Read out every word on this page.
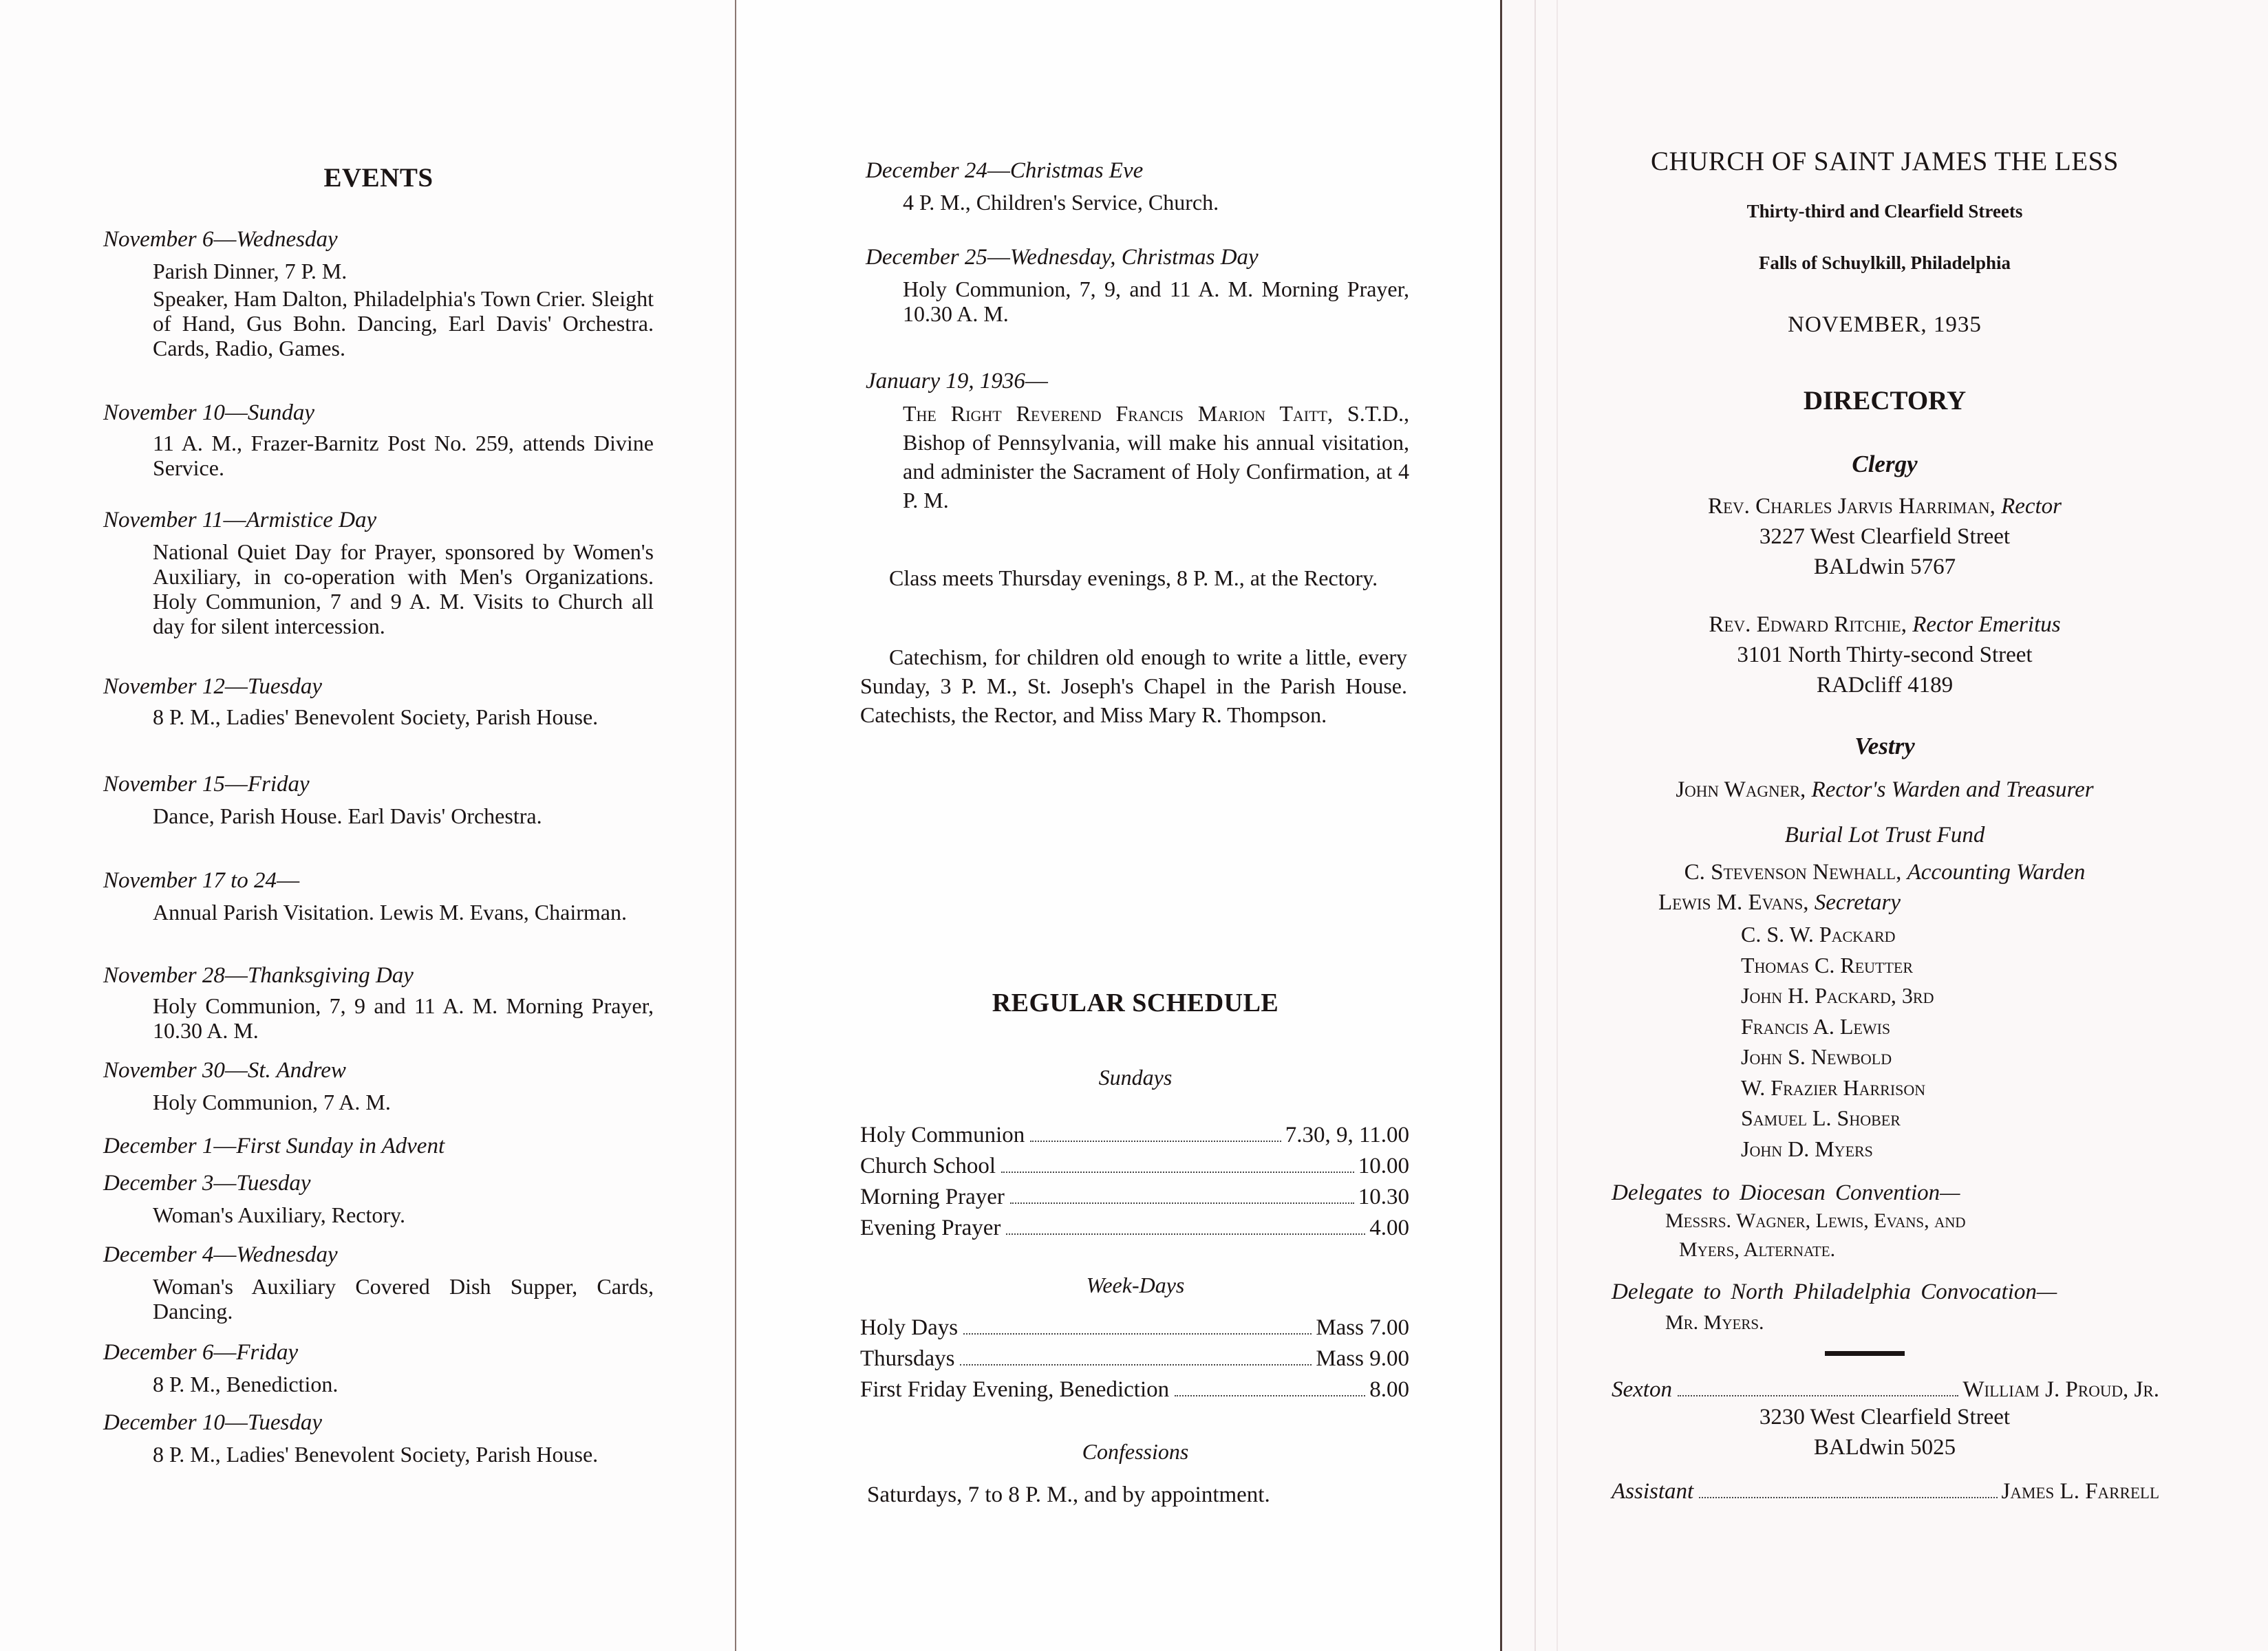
EVENTS
November 6—Wednesday
Parish Dinner, 7 P. M.
Speaker, Ham Dalton, Philadelphia's Town Crier. Sleight of Hand, Gus Bohn. Dancing, Earl Davis' Orchestra. Cards, Radio, Games.
November 10—Sunday
11 A. M., Frazer-Barnitz Post No. 259, attends Divine Service.
November 11—Armistice Day
National Quiet Day for Prayer, sponsored by Women's Auxiliary, in co-operation with Men's Organizations. Holy Communion, 7 and 9 A. M. Visits to Church all day for silent intercession.
November 12—Tuesday
8 P. M., Ladies' Benevolent Society, Parish House.
November 15—Friday
Dance, Parish House. Earl Davis' Orchestra.
November 17 to 24—
Annual Parish Visitation. Lewis M. Evans, Chairman.
November 28—Thanksgiving Day
Holy Communion, 7, 9 and 11 A. M. Morning Prayer, 10.30 A. M.
November 30—St. Andrew
Holy Communion, 7 A. M.
December 1—First Sunday in Advent
December 3—Tuesday
Woman's Auxiliary, Rectory.
December 4—Wednesday
Woman's Auxiliary Covered Dish Supper, Cards, Dancing.
December 6—Friday
8 P. M., Benediction.
December 10—Tuesday
8 P. M., Ladies' Benevolent Society, Parish House.
December 24—Christmas Eve
4 P. M., Children's Service, Church.
December 25—Wednesday, Christmas Day
Holy Communion, 7, 9, and 11 A. M. Morning Prayer, 10.30 A. M.
January 19, 1936—
The Right Reverend Francis Marion Taitt, S.T.D., Bishop of Pennsylvania, will make his annual visitation, and administer the Sacrament of Holy Confirmation, at 4 P. M.
Class meets Thursday evenings, 8 P. M., at the Rectory.
Catechism, for children old enough to write a little, every Sunday, 3 P. M., St. Joseph's Chapel in the Parish House. Catechists, the Rector, and Miss Mary R. Thompson.
REGULAR SCHEDULE
Sundays
Holy Communion	7.30, 9, 11.00
Church School	10.00
Morning Prayer	10.30
Evening Prayer	4.00
Week-Days
Holy Days	Mass 7.00
Thursdays	Mass 9.00
First Friday Evening, Benediction	8.00
Confessions
Saturdays, 7 to 8 P. M., and by appointment.
CHURCH OF SAINT JAMES THE LESS
Thirty-third and Clearfield Streets
Falls of Schuylkill, Philadelphia
NOVEMBER, 1935
DIRECTORY
Clergy
Rev. Charles Jarvis Harriman, Rector
3227 West Clearfield Street
BALdwin 5767
Rev. Edward Ritchie, Rector Emeritus
3101 North Thirty-second Street
RADcliff 4189
Vestry
John Wagner, Rector's Warden and Treasurer
Burial Lot Trust Fund
C. Stevenson Newhall, Accounting Warden
Lewis M. Evans, Secretary
C. S. W. Packard
Thomas C. Reutter
John H. Packard, 3rd
Francis A. Lewis
John S. Newbold
W. Frazier Harrison
Samuel L. Shober
John D. Myers
Delegates to Diocesan Convention—
Messrs. Wagner, Lewis, Evans, and
Myers, Alternate.
Delegate to North Philadelphia Convocation—
Mr. Myers.
Sexton	William J. Proud, Jr.
3230 West Clearfield Street
BALdwin 5025
Assistant	James L. Farrell
